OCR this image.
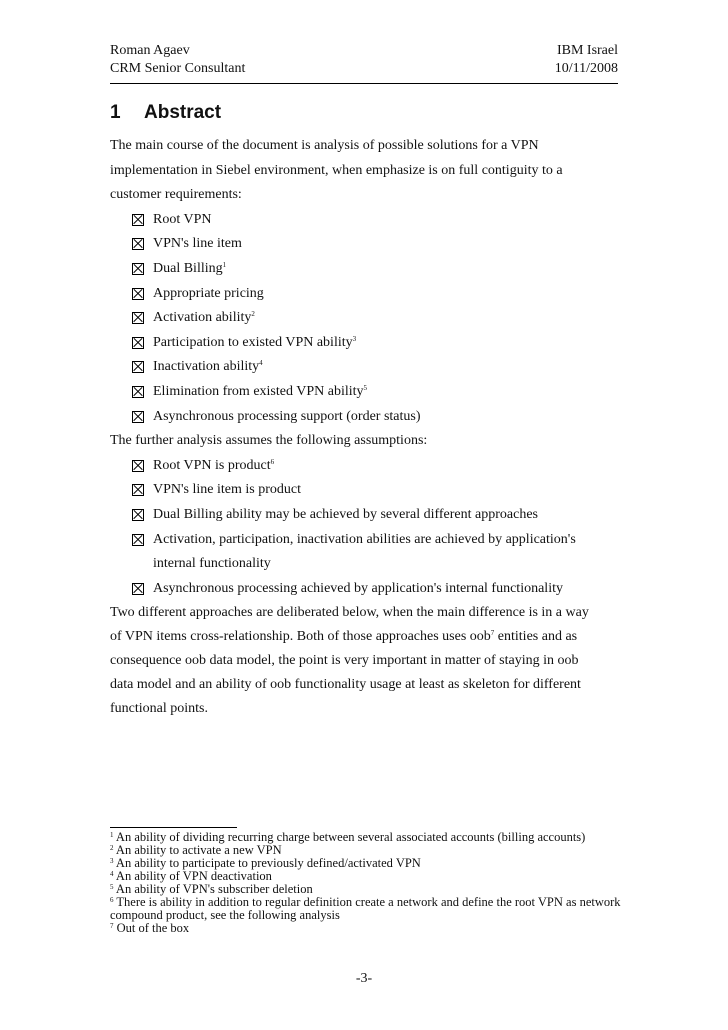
Roman Agaev
CRM Senior Consultant
IBM Israel
10/11/2008
1 Abstract

The main course of the document is analysis of possible solutions for a VPN

implementation in Siebel environment, when emphasize is on full contiguity to a

customer requirements:

Root VPN
VPN's line item
Dual Billing$^1$
Appropriate pricing
Activation ability$^2$
Participation to existed VPN ability$^3$
Inactivation ability$^4$
Elimination from existed VPN ability$^5$
Asynchronous processing support (order status)

The further analysis assumes the following assumptions:

Root VPN is product$^6$
VPN's line item is product
Dual Billing ability may be achieved by several different approaches
Activation, participation, inactivation abilities are achieved by application's
internal functionality
Asynchronous processing achieved by application's internal functionality

Two different approaches are deliberated below, when the main difference is in a way

of VPN items cross-relationship. Both of those approaches uses oob$^7$ entities and as

consequence oob data model, the point is very important in matter of staying in oob

data model and an ability of oob functionality usage at least as skeleton for different

functional points.

$^1$ An ability of dividing recurring charge between several associated accounts (billing accounts)
$^2$ An ability to activate a new VPN
$^3$ An ability to participate to previously defined/activated VPN
$^4$ An ability of VPN deactivation
$^5$ An ability of VPN's subscriber deletion
$^6$ There is ability in addition to regular definition create a network and define the root VPN as network compound product, see the following analysis
$^7$ Out of the box
-3-
